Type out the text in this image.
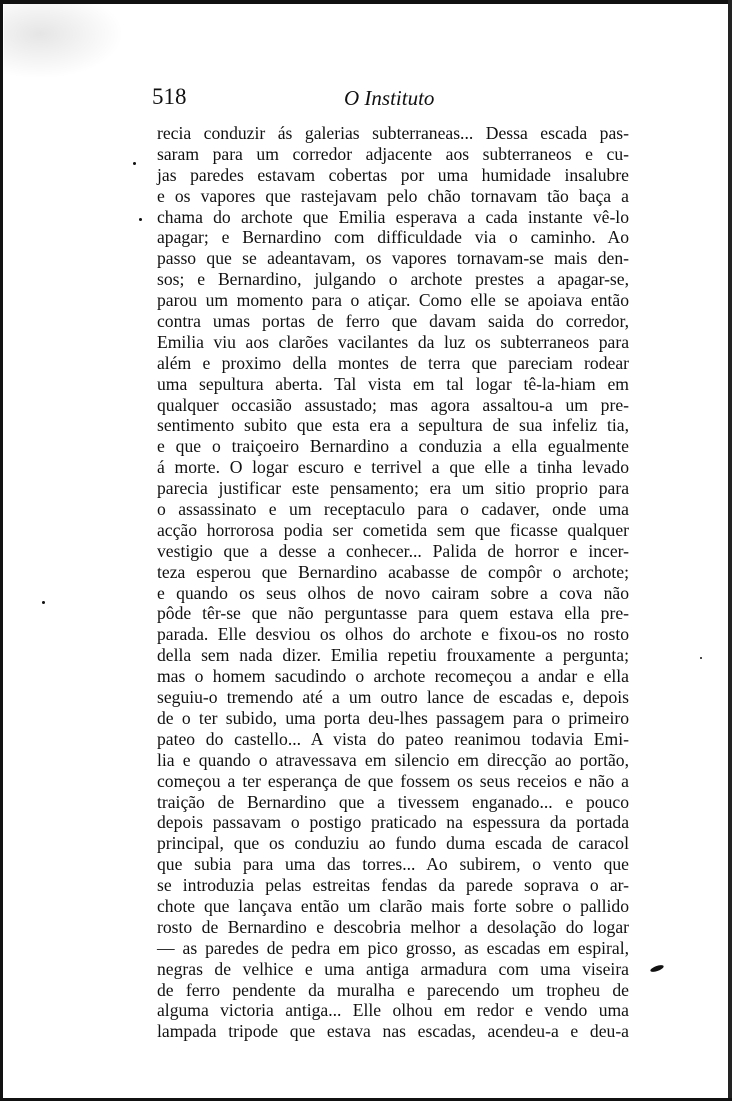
518	O Instituto
recia conduzir ás galerias subterraneas... Dessa escada pas-
saram para um corredor adjacente aos subterraneos e cu-
jas paredes estavam cobertas por uma humidade insalubre
e os vapores que rastejavam pelo chão tornavam tão baça a
chama do archote que Emilia esperava a cada instante vê-lo
apagar; e Bernardino com difficuldade via o caminho. Ao
passo que se adeantavam, os vapores tornavam-se mais den-
sos; e Bernardino, julgando o archote prestes a apagar-se,
parou um momento para o atiçar. Como elle se apoiava então
contra umas portas de ferro que davam saida do corredor,
Emilia viu aos clarões vacilantes da luz os subterraneos para
além e proximo della montes de terra que pareciam rodear
uma sepultura aberta. Tal vista em tal logar tê-la-hiam em
qualquer occasião assustado; mas agora assaltou-a um pre-
sentimento subito que esta era a sepultura de sua infeliz tia,
e que o traiçoeiro Bernardino a conduzia a ella egualmente
á morte. O logar escuro e terrivel a que elle a tinha levado
parecia justificar este pensamento; era um sitio proprio para
o assassinato e um receptaculo para o cadaver, onde uma
acção horrorosa podia ser cometida sem que ficasse qualquer
vestigio que a desse a conhecer... Palida de horror e incer-
teza esperou que Bernardino acabasse de compôr o archote;
e quando os seus olhos de novo cairam sobre a cova não
pôde têr-se que não perguntasse para quem estava ella pre-
parada. Elle desviou os olhos do archote e fixou-os no rosto
della sem nada dizer. Emilia repetiu frouxamente a pergunta;
mas o homem sacudindo o archote recomeçou a andar e ella
seguiu-o tremendo até a um outro lance de escadas e, depois
de o ter subido, uma porta deu-lhes passagem para o primeiro
pateo do castello... A vista do pateo reanimou todavia Emi-
lia e quando o atravessava em silencio em direcção ao portão,
começou a ter esperança de que fossem os seus receios e não a
traição de Bernardino que a tivessem enganado... e pouco
depois passavam o postigo praticado na espessura da portada
principal, que os conduziu ao fundo duma escada de caracol
que subia para uma das torres... Ao subirem, o vento que
se introduzia pelas estreitas fendas da parede soprava o ar-
chote que lançava então um clarão mais forte sobre o pallido
rosto de Bernardino e descobria melhor a desolação do logar
— as paredes de pedra em pico grosso, as escadas em espiral,
negras de velhice e uma antiga armadura com uma viseira
de ferro pendente da muralha e parecendo um tropheu de
alguma victoria antiga... Elle olhou em redor e vendo uma
lampada tripode que estava nas escadas, acendeu-a e deu-a
